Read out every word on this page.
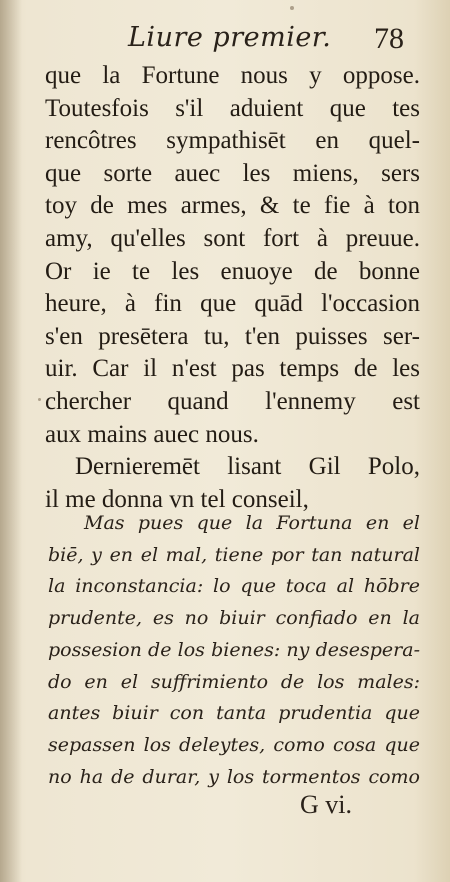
Liure premier. 78
que la Fortune nous y oppose.
Toutesfois s'il aduient que tes
rencôtres sympathisēt en quel-
que sorte auec les miens, sers
toy de mes armes, & te fie à ton
amy, qu'elles sont fort à preuue.
Or ie te les enuoye de bonne
heure, à fin que quād l'occasion
s'en presētera tu, t'en puisses ser-
uir. Car il n'est pas temps de les
chercher quand l'ennemy est
aux mains auec nous.
Dernieremēt lisant Gil Polo,
il me donna vn tel conseil,
Mas pues que la Fortuna en el
biē, y en el mal, tiene por tan natural
la inconstancia: lo que toca al hōbre
prudente, es no biuir confiado en la
possesion de los bienes: ny desespera-
do en el suffrimiento de los males:
antes biuir con tanta prudentia que
sepassen los deleytes, como cosa que
no ha de durar, y los tormentos como
G vi.
